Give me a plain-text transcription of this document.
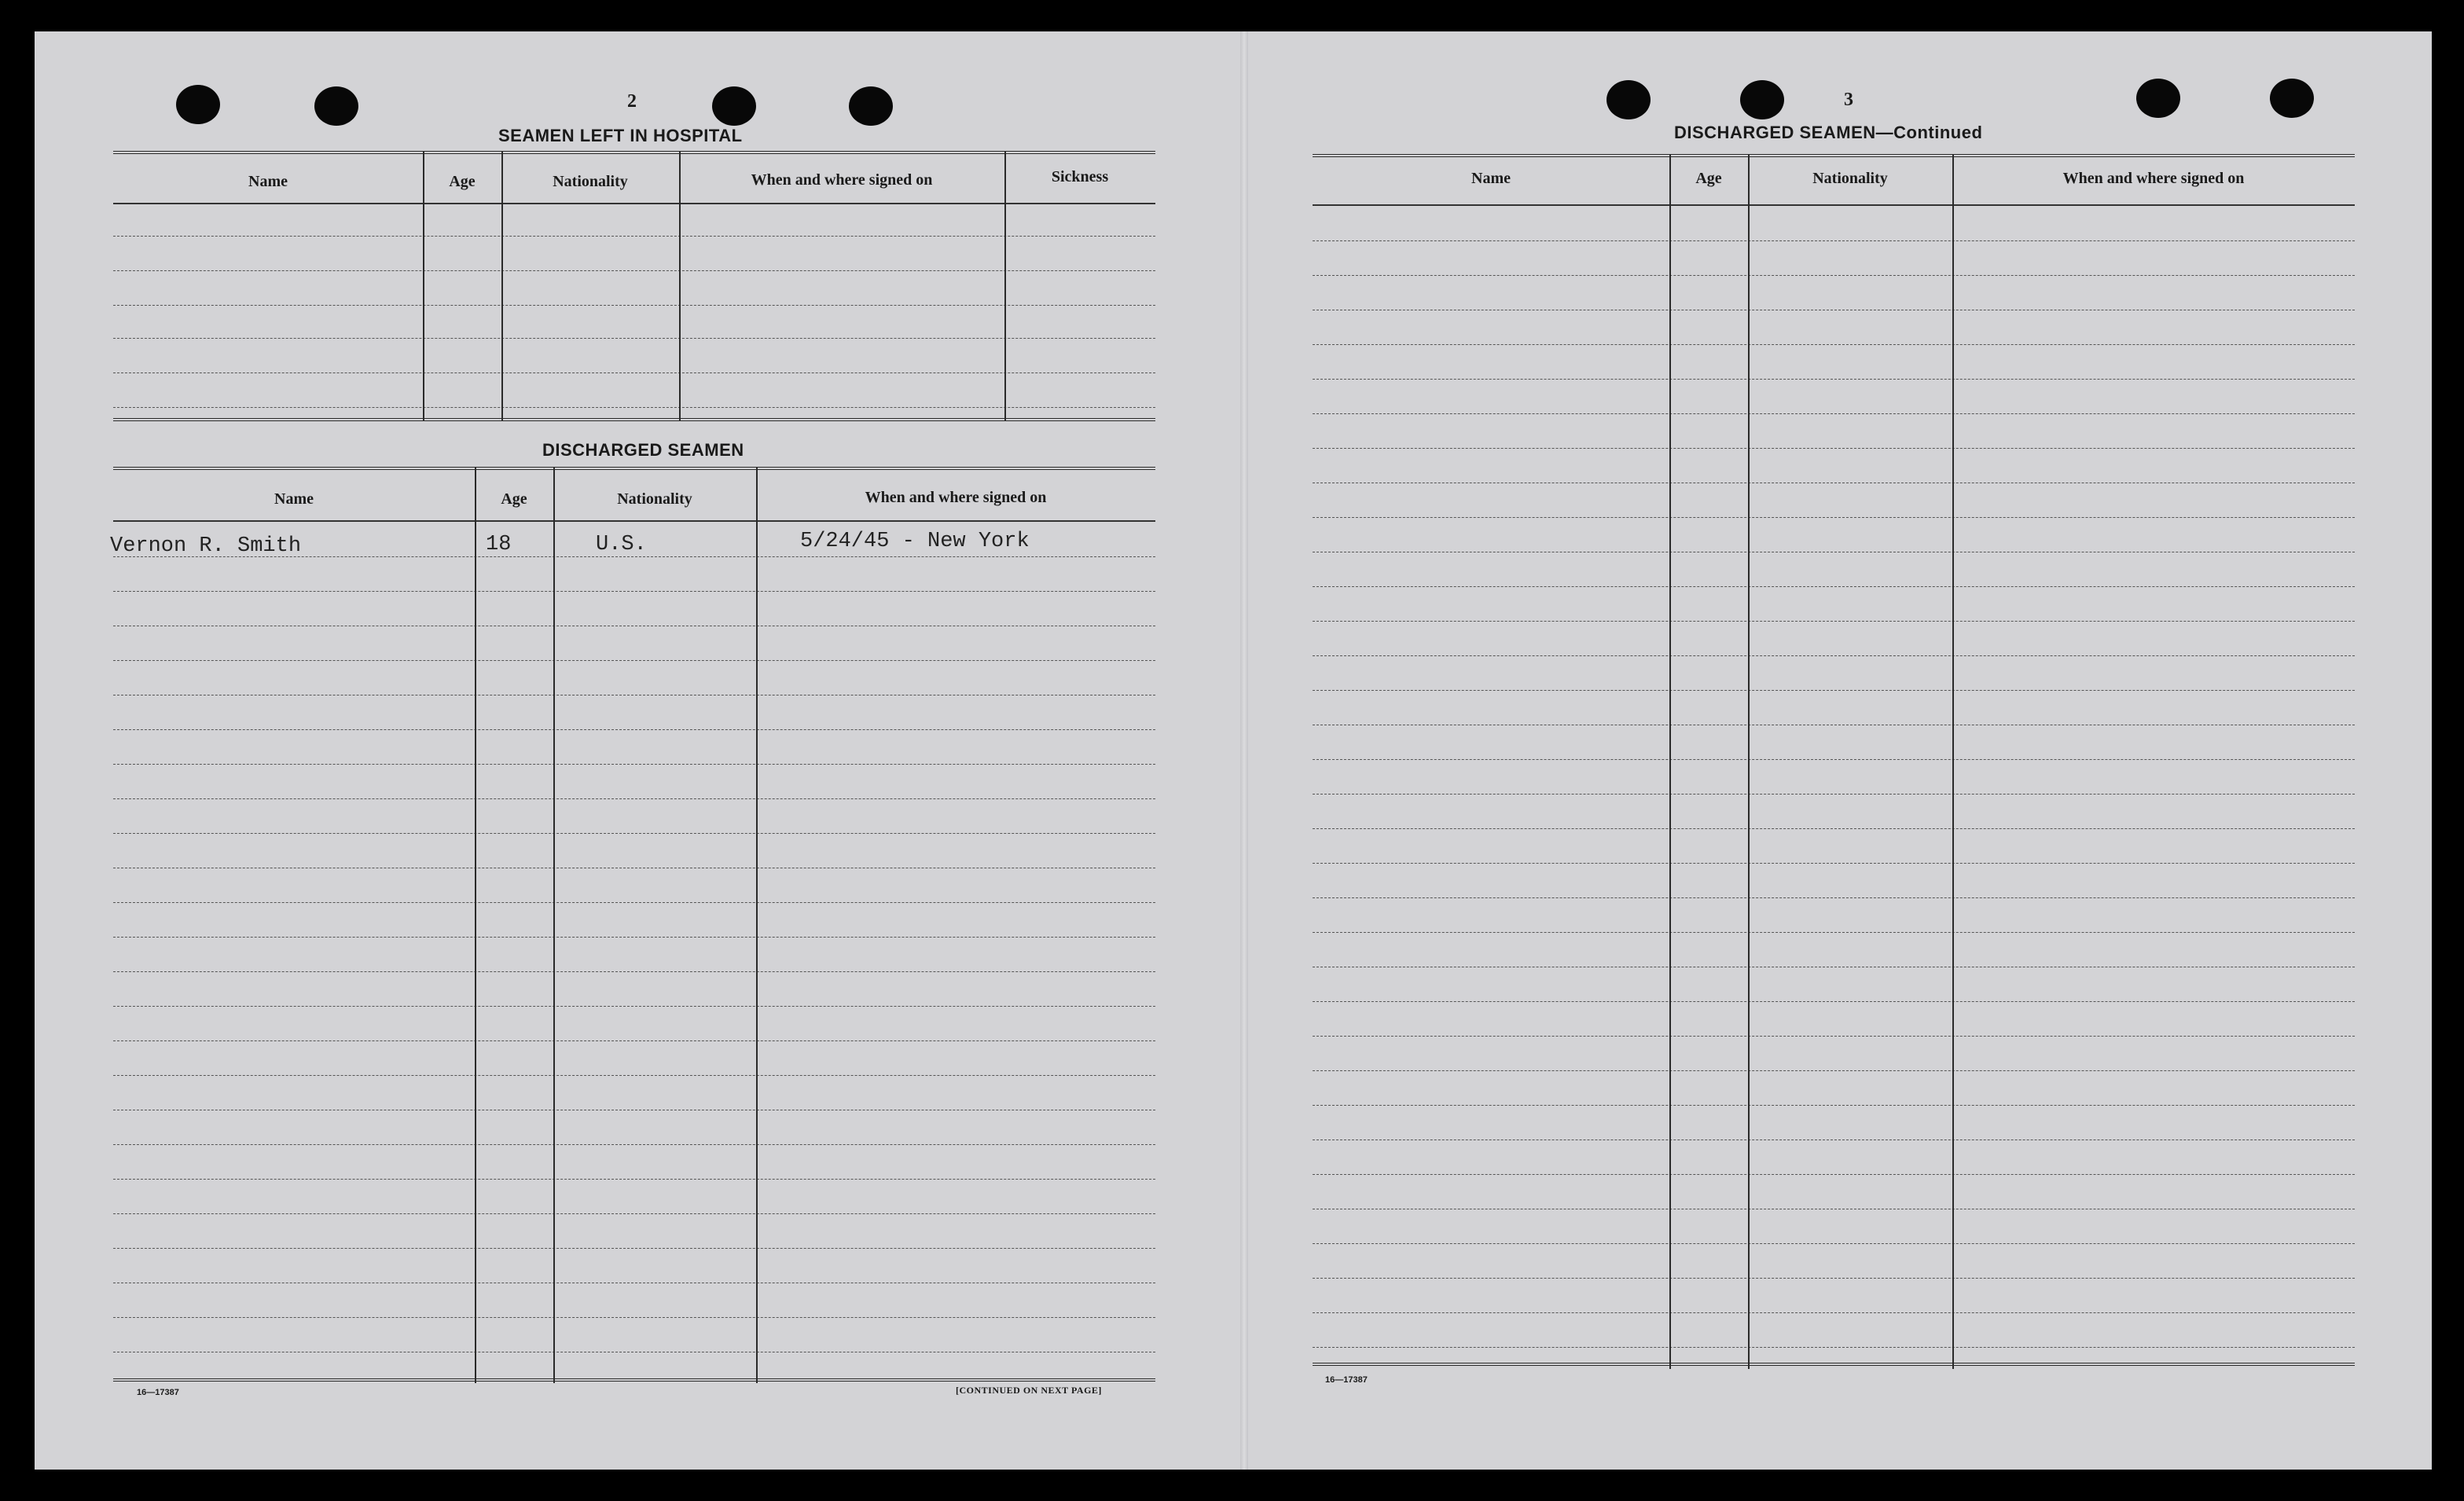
2
SEAMEN LEFT IN HOSPITAL
Name	Age	Nationality	When and where signed on	Sickness
DISCHARGED SEAMEN
Name	Age	Nationality	When and where signed on
Vernon R. Smith	18	U.S.	5/24/45 - New York
16—17387	[CONTINUED ON NEXT PAGE]
3
DISCHARGED SEAMEN—Continued
Name	Age	Nationality	When and where signed on
16—17387
